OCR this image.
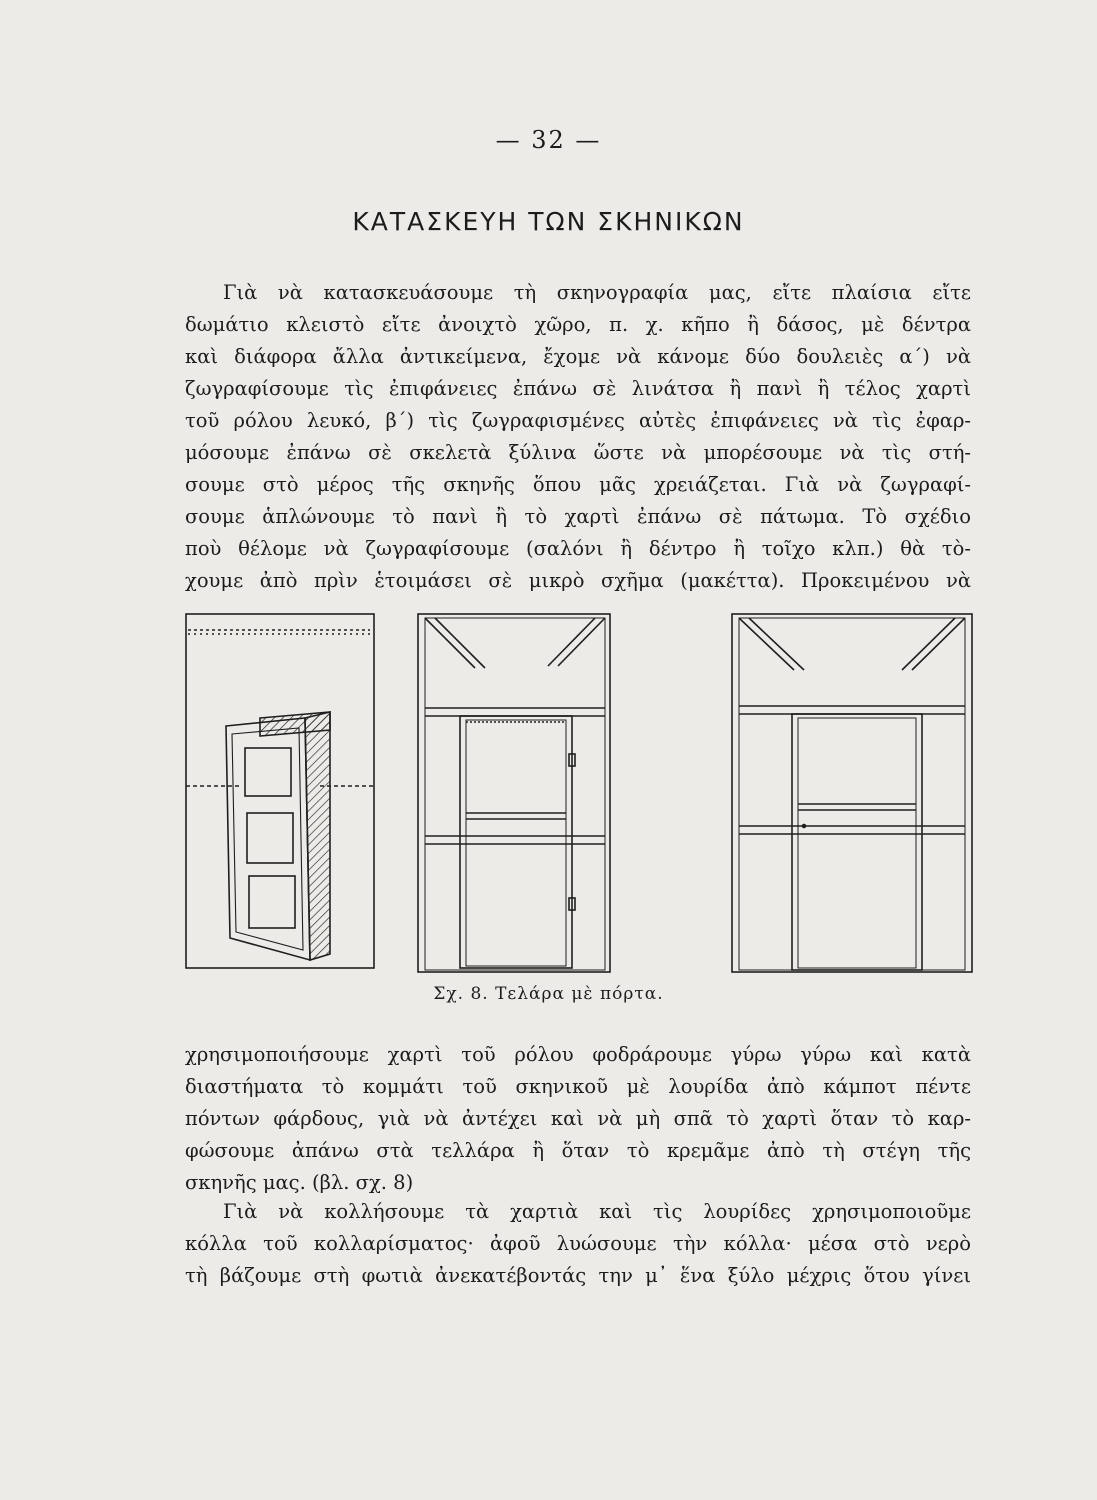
— 32 —
ΚΑΤΑΣΚΕΥΗ ΤΩΝ ΣΚΗΝΙΚΩΝ
Γιὰ νὰ κατασκευάσουμε τὴ σκηνογραφία μας, εἴτε πλαίσια εἴτε
δωμάτιο κλειστὸ εἴτε ἀνοιχτὸ χῶρο, π. χ. κῆπο ἢ δάσος, μὲ δέντρα
καὶ διάφορα ἄλλα ἀντικείμενα, ἔχομε νὰ κάνομε δύο δουλειὲς α΄) νὰ
ζωγραφίσουμε τὶς ἐπιφάνειες ἐπάνω σὲ λινάτσα ἢ πανὶ ἢ τέλος χαρτὶ
τοῦ ρόλου λευκό, β΄) τὶς ζωγραφισμένες αὐτὲς ἐπιφάνειες νὰ τὶς ἐφαρ-
μόσουμε ἐπάνω σὲ σκελετὰ ξύλινα ὥστε νὰ μπορέσουμε νὰ τὶς στή-
σουμε στὸ μέρος τῆς σκηνῆς ὅπου μᾶς χρειάζεται. Γιὰ νὰ ζωγραφί-
σουμε ἁπλώνουμε τὸ πανὶ ἢ τὸ χαρτὶ ἐπάνω σὲ πάτωμα. Τὸ σχέδιο
ποὺ θέλομε νὰ ζωγραφίσουμε (σαλόνι ἢ δέντρο ἢ τοῖχο κλπ.) θὰ τὸ-
χουμε ἀπὸ πρὶν ἑτοιμάσει σὲ μικρὸ σχῆμα (μακέττα). Προκειμένου νὰ
Σχ. 8. Τελάρα μὲ πόρτα.
χρησιμοποιήσουμε χαρτὶ τοῦ ρόλου φοδράρουμε γύρω γύρω καὶ κατὰ
διαστήματα τὸ κομμάτι τοῦ σκηνικοῦ μὲ λουρίδα ἀπὸ κάμποτ πέντε
πόντων φάρδους, γιὰ νὰ ἀντέχει καὶ νὰ μὴ σπᾶ τὸ χαρτὶ ὅταν τὸ καρ-
φώσουμε ἀπάνω στὰ τελλάρα ἢ ὅταν τὸ κρεμᾶμε ἀπὸ τὴ στέγη τῆς
σκηνῆς μας. (βλ. σχ. 8)
Γιὰ νὰ κολλήσουμε τὰ χαρτιὰ καὶ τὶς λουρίδες χρησιμοποιοῦμε
κόλλα τοῦ κολλαρίσματος· ἀφοῦ λυώσουμε τὴν κόλλα· μέσα στὸ νερὸ
τὴ βάζουμε στὴ φωτιὰ ἀνεκατέβοντάς την μ᾽ ἕνα ξύλο μέχρις ὅτου γίνει
